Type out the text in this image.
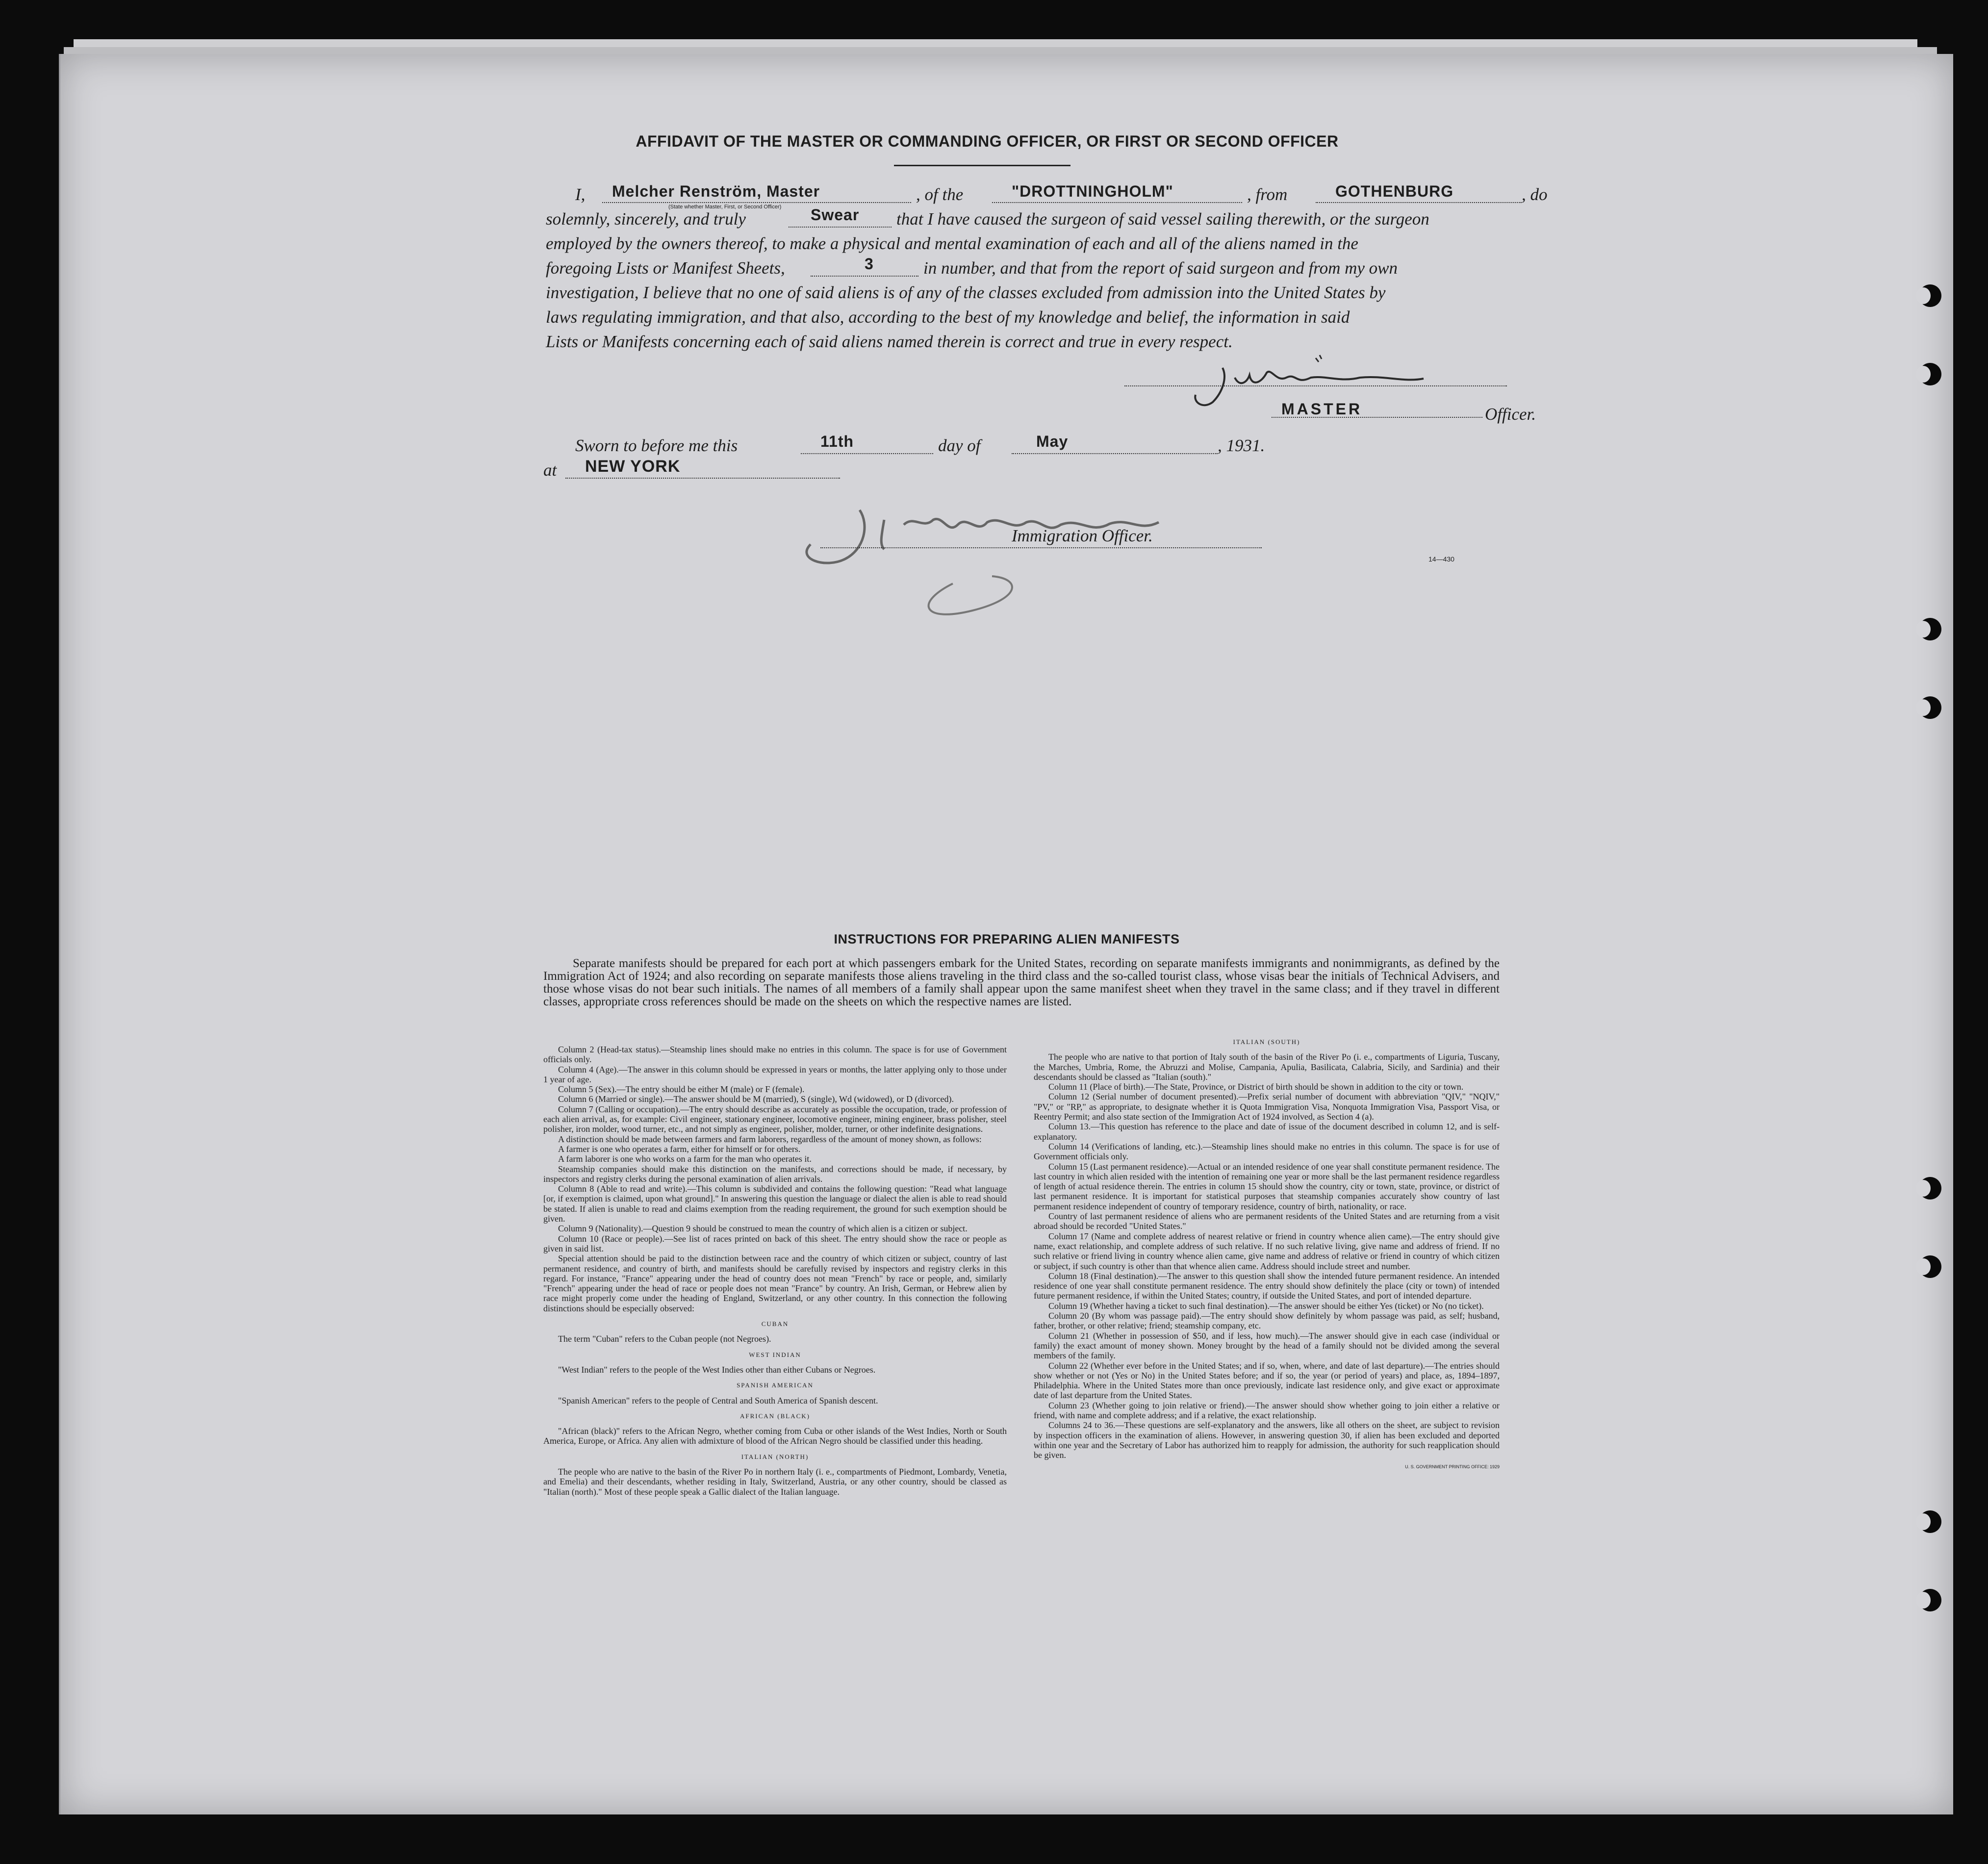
AFFIDAVIT OF THE MASTER OR COMMANDING OFFICER, OR FIRST OR SECOND OFFICER
I, Melcher Renström, Master
(State whether Master, First, or Second Officer)
, of the	"DROTTNINGHOLM"	, from	GOTHENBURG	, do
solemnly, sincerely, and truly	Swear that I have caused the surgeon of said vessel sailing therewith, or the surgeon
employed by the owners thereof, to make a physical and mental examination of each and all of the aliens named in the
foregoing Lists or Manifest Sheets,	3	in number, and that from the report of said surgeon and from my own
investigation, I believe that no one of said aliens is of any of the classes excluded from admission into the United States by
laws regulating immigration, and that also, according to the best of my knowledge and belief, the information in said
Lists or Manifests concerning each of said aliens named therein is correct and true in every respect.
MASTER	Officer.
Sworn to before me this	11th	day of	May	, 1931.
at NEW YORK
Immigration Officer.
14—430
INSTRUCTIONS FOR PREPARING ALIEN MANIFESTS
Separate manifests should be prepared for each port at which passengers embark for the United States, recording on separate manifests immigrants and nonimmigrants, as defined by the Immigration Act of 1924; and also recording on separate manifests those aliens traveling in the third class and the so-called tourist class, whose visas bear the initials of Technical Advisers, and those whose visas do not bear such initials. The names of all members of a family shall appear upon the same manifest sheet when they travel in the same class; and if they travel in different classes, appropriate cross references should be made on the sheets on which the respective names are listed.

Column 2 (Head-tax status).—Steamship lines should make no entries in this column. The space is for use of Government officials only.

Column 4 (Age).—The answer in this column should be expressed in years or months, the latter applying only to those under 1 year of age.

Column 5 (Sex).—The entry should be either M (male) or F (female).

Column 6 (Married or single).—The answer should be M (married), S (single), Wd (widowed), or D (divorced).

Column 7 (Calling or occupation).—The entry should describe as accurately as possible the occupation, trade, or profession of each alien arrival, as, for example: Civil engineer, stationary engineer, locomotive engineer, mining engineer, brass polisher, steel polisher, iron molder, wood turner, etc., and not simply as engineer, polisher, molder, turner, or other indefinite designations.

A distinction should be made between farmers and farm laborers, regardless of the amount of money shown, as follows:

A farmer is one who operates a farm, either for himself or for others.

A farm laborer is one who works on a farm for the man who operates it.

Steamship companies should make this distinction on the manifests, and corrections should be made, if necessary, by inspectors and registry clerks during the personal examination of alien arrivals.

Column 8 (Able to read and write).—This column is subdivided and contains the following question: "Read what language [or, if exemption is claimed, upon what ground]." In answering this question the language or dialect the alien is able to read should be stated. If alien is unable to read and claims exemption from the reading requirement, the ground for such exemption should be given.

Column 9 (Nationality).—Question 9 should be construed to mean the country of which alien is a citizen or subject.

Column 10 (Race or people).—See list of races printed on back of this sheet. The entry should show the race or people as given in said list.

Special attention should be paid to the distinction between race and the country of which citizen or subject, country of last permanent residence, and country of birth, and manifests should be carefully revised by inspectors and registry clerks in this regard. For instance, "France" appearing under the head of country does not mean "French" by race or people, and, similarly "French" appearing under the head of race or people does not mean "France" by country. An Irish, German, or Hebrew alien by race might properly come under the heading of England, Switzerland, or any other country. In this connection the following distinctions should be especially observed:

CUBAN

The term "Cuban" refers to the Cuban people (not Negroes).

WEST INDIAN

"West Indian" refers to the people of the West Indies other than either Cubans or Negroes.

SPANISH AMERICAN

"Spanish American" refers to the people of Central and South America of Spanish descent.

AFRICAN (BLACK)

"African (black)" refers to the African Negro, whether coming from Cuba or other islands of the West Indies, North or South America, Europe, or Africa. Any alien with admixture of blood of the African Negro should be classified under this heading.

ITALIAN (NORTH)

The people who are native to the basin of the River Po in northern Italy (i. e., compartments of Piedmont, Lombardy, Venetia, and Emelia) and their descendants, whether residing in Italy, Switzerland, Austria, or any other country, should be classed as "Italian (north)." Most of these people speak a Gallic dialect of the Italian language.

ITALIAN (SOUTH)

The people who are native to that portion of Italy south of the basin of the River Po (i. e., compartments of Liguria, Tuscany, the Marches, Umbria, Rome, the Abruzzi and Molise, Campania, Apulia, Basilicata, Calabria, Sicily, and Sardinia) and their descendants should be classed as "Italian (south)."

Column 11 (Place of birth).—The State, Province, or District of birth should be shown in addition to the city or town.

Column 12 (Serial number of document presented).—Prefix serial number of document with abbreviation "QIV," "NQIV," "PV," or "RP," as appropriate, to designate whether it is Quota Immigration Visa, Nonquota Immigration Visa, Passport Visa, or Reentry Permit; and also state section of the Immigration Act of 1924 involved, as Section 4 (a).

Column 13.—This question has reference to the place and date of issue of the document described in column 12, and is self-explanatory.

Column 14 (Verifications of landing, etc.).—Steamship lines should make no entries in this column. The space is for use of Government officials only.

Column 15 (Last permanent residence).—Actual or an intended residence of one year shall constitute permanent residence. The last country in which alien resided with the intention of remaining one year or more shall be the last permanent residence regardless of length of actual residence therein. The entries in column 15 should show the country, city or town, state, province, or district of last permanent residence. It is important for statistical purposes that steamship companies accurately show country of last permanent residence independent of country of temporary residence, country of birth, nationality, or race.

Country of last permanent residence of aliens who are permanent residents of the United States and are returning from a visit abroad should be recorded "United States."

Column 17 (Name and complete address of nearest relative or friend in country whence alien came).—The entry should give name, exact relationship, and complete address of such relative. If no such relative living, give name and address of friend. If no such relative or friend living in country whence alien came, give name and address of relative or friend in country of which citizen or subject, if such country is other than that whence alien came. Address should include street and number.

Column 18 (Final destination).—The answer to this question shall show the intended future permanent residence. An intended residence of one year shall constitute permanent residence. The entry should show definitely the place (city or town) of intended future permanent residence, if within the United States; country, if outside the United States, and port of intended departure.

Column 19 (Whether having a ticket to such final destination).—The answer should be either Yes (ticket) or No (no ticket).

Column 20 (By whom was passage paid).—The entry should show definitely by whom passage was paid, as self; husband, father, brother, or other relative; friend; steamship company, etc.

Column 21 (Whether in possession of $50, and if less, how much).—The answer should give in each case (individual or family) the exact amount of money shown. Money brought by the head of a family should not be divided among the several members of the family.

Column 22 (Whether ever before in the United States; and if so, when, where, and date of last departure).—The entries should show whether or not (Yes or No) in the United States before; and if so, the year (or period of years) and place, as, 1894–1897, Philadelphia. Where in the United States more than once previously, indicate last residence only, and give exact or approximate date of last departure from the United States.

Column 23 (Whether going to join relative or friend).—The answer should show whether going to join either a relative or friend, with name and complete address; and if a relative, the exact relationship.

Columns 24 to 36.—These questions are self-explanatory and the answers, like all others on the sheet, are subject to revision by inspection officers in the examination of aliens. However, in answering question 30, if alien has been excluded and deported within one year and the Secretary of Labor has authorized him to reapply for admission, the authority for such reapplication should be given.

U. S. GOVERNMENT PRINTING OFFICE: 1929
